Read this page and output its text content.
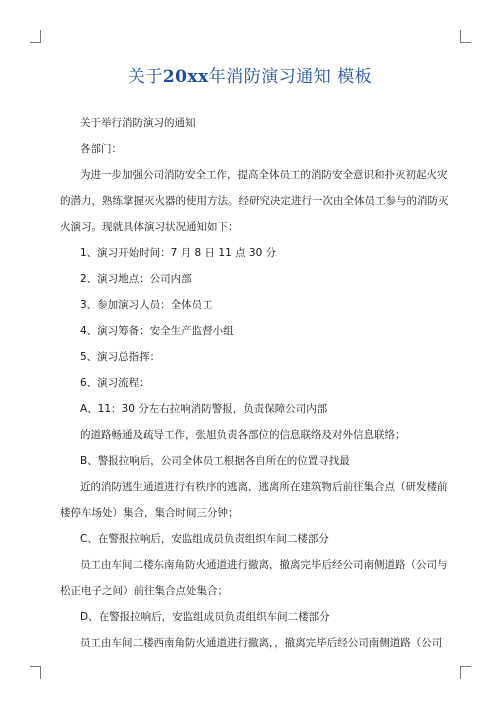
关于20xx年消防演习通知 模板
关于举行消防演习的通知
各部门：
为进一步加强公司消防安全工作，提高全体员工的消防安全意识和扑灭初起火灾
的潜力，熟练掌握灭火器的使用方法。经研究决定进行一次由全体员工参与的消防灭
火演习。现就具体演习状况通知如下：
1、演习开始时间：7 月 8 日 11 点 30 分
2、演习地点：公司内部
3、参加演习人员：全体员工
4、演习筹备：安全生产监督小组
5、演习总指挥：
6、演习流程：
A、11：30 分左右拉响消防警报，负责保障公司内部
的道路畅通及疏导工作，张旭负责各部位的信息联络及对外信息联络；
B、警报拉响后，公司全体员工根据各自所在的位置寻找最
近的消防逃生通道进行有秩序的逃离，逃离所在建筑物后前往集合点（研发楼前
楼停车场处）集合，集合时间三分钟；
C、在警报拉响后，安监组成员负责组织车间二楼部分
员工由车间二楼东南角防火通道进行撤离，撤离完毕后经公司南侧道路（公司与
松正电子之间）前往集合点处集合；
D、在警报拉响后，安监组成员负责组织车间二楼部分
员工由车间二楼西南角防火通道进行撤离，，撤离完毕后经公司南侧道路（公司
